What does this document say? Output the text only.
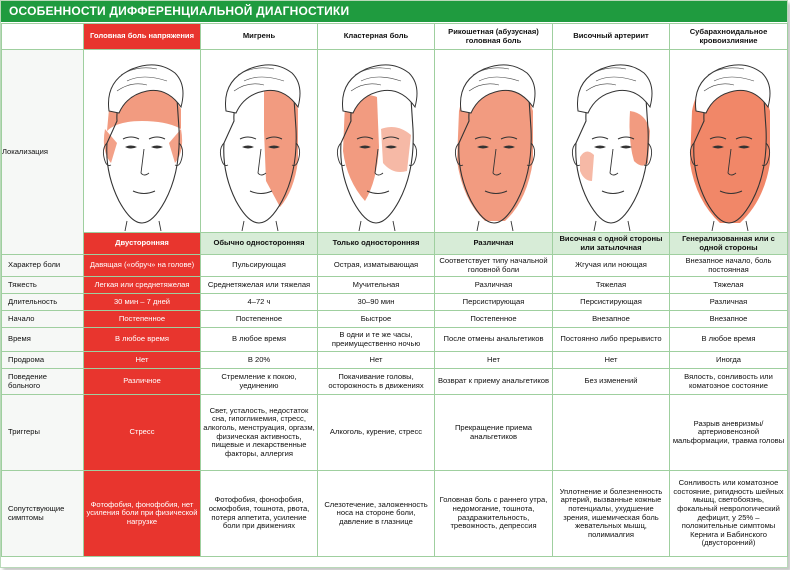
ОСОБЕННОСТИ ДИФФЕРЕНЦИАЛЬНОЙ ДИАГНОСТИКИ
	Головная боль напряжения	Мигрень	Кластерная боль	Рикошетная (абузусная) головная боль	Височный артериит	Субарахноидальное кровоизлияние
Локализация	

	Двусторонняя	Обычно односторонняя	Только односторонняя	Различная	Височная с одной стороны или затылочная	Генерализованная или с одной стороны
Характер боли	Давящая («обруч» на голове)	Пульсирующая	Острая, изматывающая	Соответствует типу начальной головной боли	Жгучая или ноющая	Внезапное начало, боль постоянная
Тяжесть	Легкая или среднетяжелая	Среднетяжелая или тяжелая	Мучительная	Различная	Тяжелая	Тяжелая
Длительность	30 мин – 7 дней	4–72 ч	30–90 мин	Персистирующая	Персистирующая	Различная
Начало	Постепенное	Постепенное	Быстрое	Постепенное	Внезапное	Внезапное
Время	В любое время	В любое время	В одни и те же часы, преимущественно ночью	После отмены анальгетиков	Постоянно либо прерывисто	В любое время
Продрома	Нет	В 20%	Нет	Нет	Нет	Иногда
Поведение больного	Различное	Стремление к покою, уединению	Покачивание головы, осторожность в движениях	Возврат к приему анальгетиков	Без изменений	Вялость, сонливость или коматозное состояние
Триггеры	Стресс	Свет, усталость, недостаток сна, гипогликемия, стресс, алкоголь, менструация, оргазм, физическая активность, пищевые и лекарственные факторы, аллергия	Алкоголь, курение, стресс	Прекращение приема анальгетиков		Разрыв аневризмы/ артериовенозной мальформации, травма головы
Сопутствующие симптомы	Фотофобия, фонофобия, нет усиления боли при физической нагрузке	Фотофобия, фонофобия, осмофобия, тошнота, рвота, потеря аппетита, усиление боли при движениях	Слезотечение, заложенность носа на стороне боли, давление в глазнице	Головная боль с раннего утра, недомогание, тошнота, раздражительность, тревожность, депрессия	Уплотнение и болезненность артерий, вызванные кожные потенциалы, ухудшение зрения, ишемическая боль жевательных мышц, полимиалгия	Сонливость или коматозное состояние, ригидность шейных мышц, светобоязнь, фокальный неврологический дефицит, у 25% – положительные симптомы Кернига и Бабинского (двусторонний)
